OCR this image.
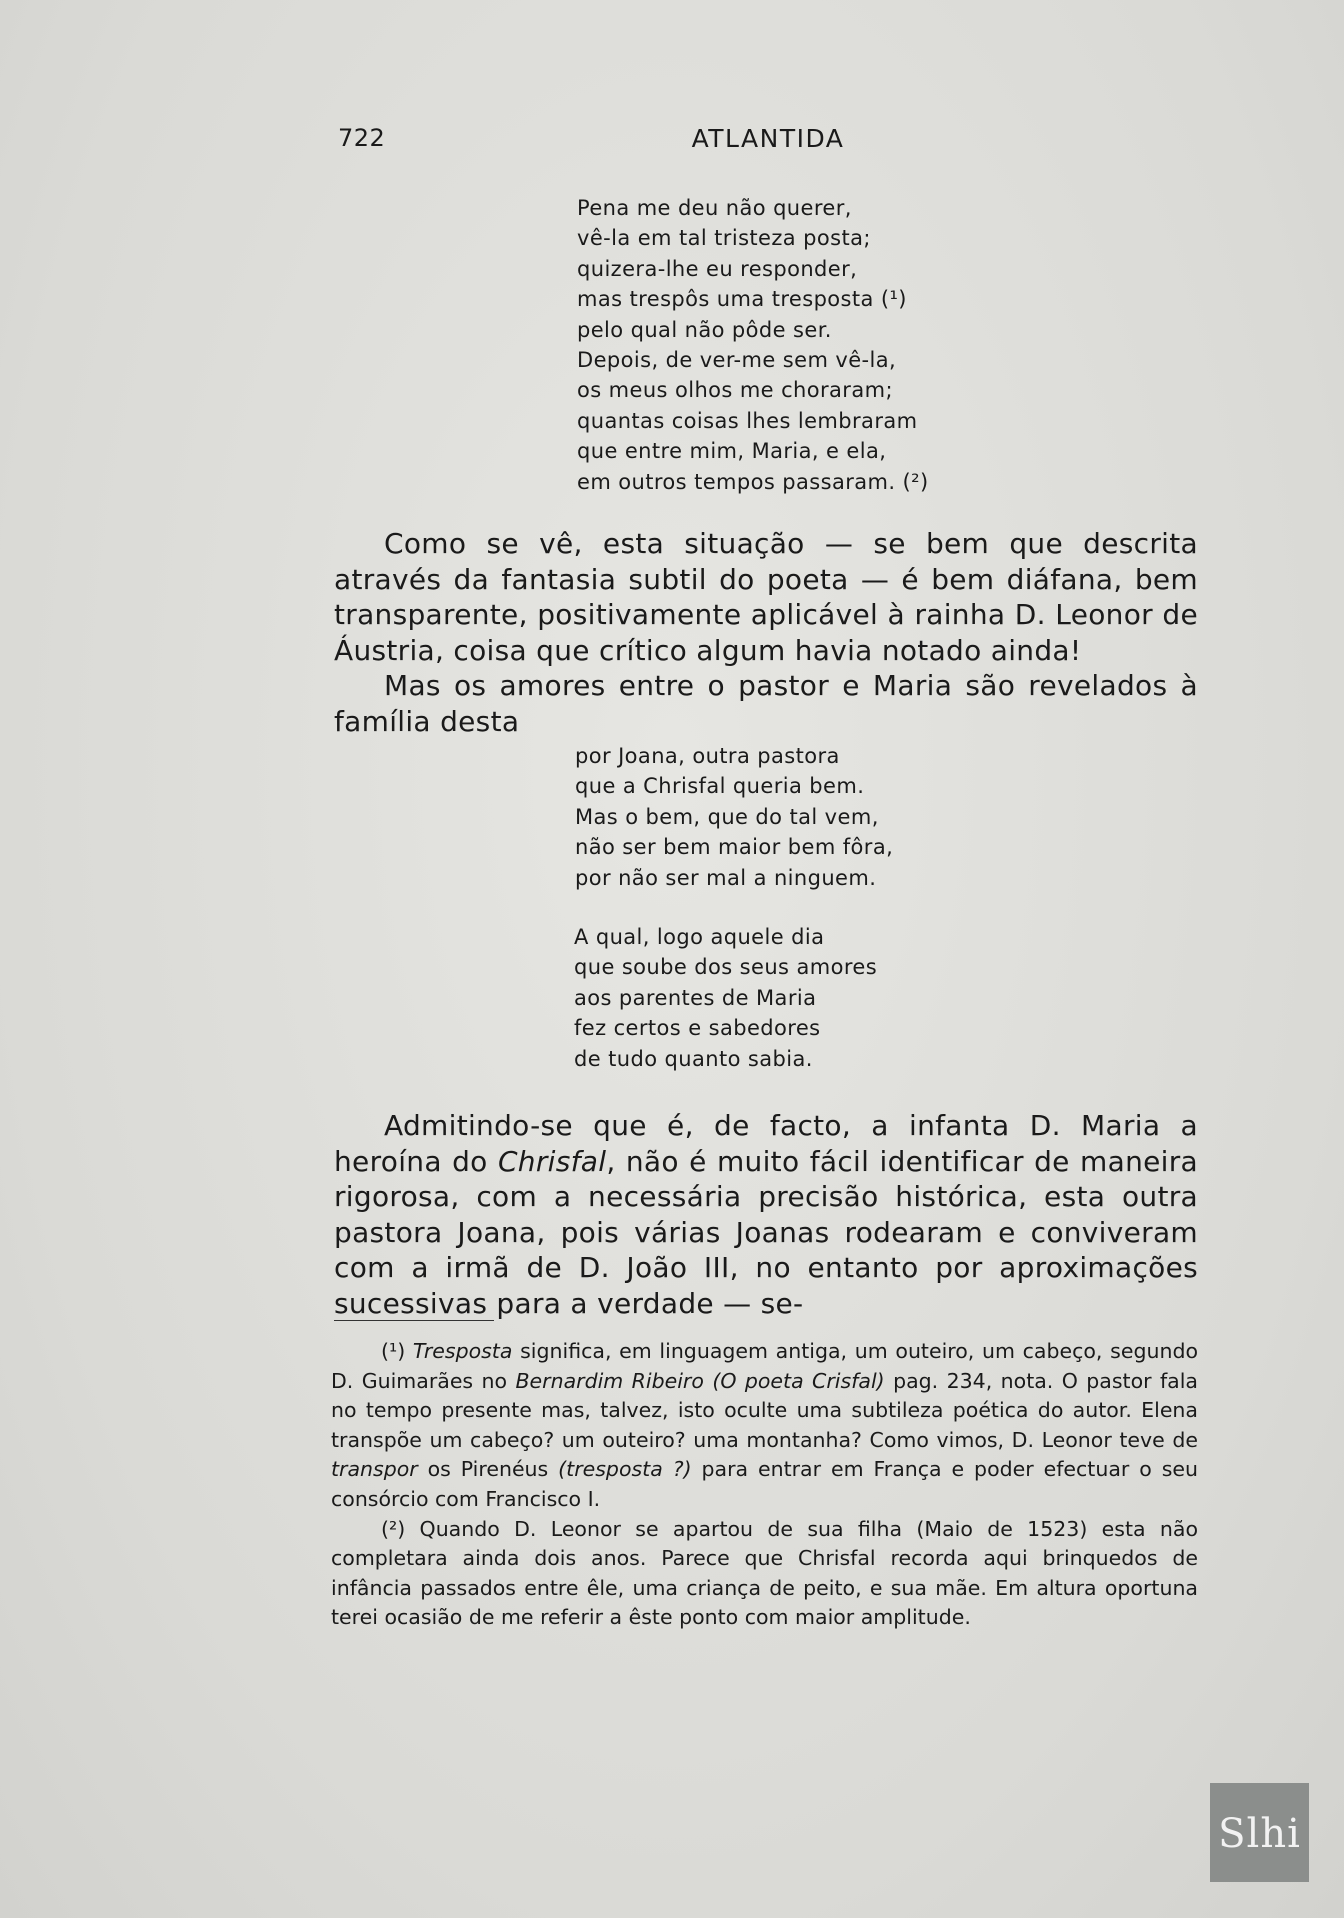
722	ATLANTIDA
Pena me deu não querer,
vê-la em tal tristeza posta;
quizera-lhe eu responder,
mas trespôs uma tresposta (¹)
pelo qual não pôde ser.
Depois, de ver-me sem vê-la,
os meus olhos me choraram;
quantas coisas lhes lembraram
que entre mim, Maria, e ela,
em outros tempos passaram. (²)

Como se vê, esta situação — se bem que descrita através da fantasia subtil do poeta — é bem diáfana, bem transparente, positivamente aplicável à rainha D. Leonor de Áustria, coisa que crítico algum havia notado ainda!

Mas os amores entre o pastor e Maria são revelados à família desta

por Joana, outra pastora
que a Chrisfal queria bem.
Mas o bem, que do tal vem,
não ser bem maior bem fôra,
por não ser mal a ninguem.
A qual, logo aquele dia
que soube dos seus amores
aos parentes de Maria
fez certos e sabedores
de tudo quanto sabia.

Admitindo-se que é, de facto, a infanta D. Maria a heroína do Chrisfal, não é muito fácil identificar de maneira rigorosa, com a necessária precisão histórica, esta outra pastora Joana, pois várias Joanas rodearam e conviveram com a irmã de D. João III, no entanto por aproximações sucessivas para a verdade — se-

(¹) Tresposta significa, em linguagem antiga, um outeiro, um cabeço, segundo D. Guimarães no Bernardim Ribeiro (O poeta Crisfal) pag. 234, nota. O pastor fala no tempo presente mas, talvez, isto oculte uma subtileza poética do autor. Elena transpõe um cabeço? um outeiro? uma montanha? Como vimos, D. Leonor teve de transpor os Pirenéus (tresposta ?) para entrar em França e poder efectuar o seu consórcio com Francisco I.

(²) Quando D. Leonor se apartou de sua filha (Maio de 1523) esta não completara ainda dois anos. Parece que Chrisfal recorda aqui brinquedos de infância passados entre êle, uma criança de peito, e sua mãe. Em altura oportuna terei ocasião de me referir a êste ponto com maior amplitude.

Slhi
